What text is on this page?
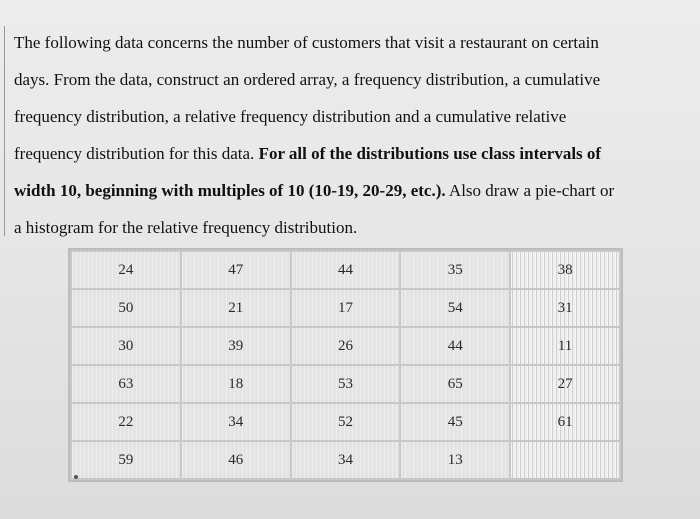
The following data concerns the number of customers that visit a restaurant on certain
days. From the data, construct an ordered array, a frequency distribution, a cumulative
frequency distribution, a relative frequency distribution and a cumulative relative
frequency distribution for this data. For all of the distributions use class intervals of
width 10, beginning with multiples of 10 (10-19, 20-29, etc.). Also draw a pie-chart or
a histogram for the relative frequency distribution.
24	47	44	35	38
50	21	17	54	31
30	39	26	44	11
63	18	53	65	27
22	34	52	45	61
59	46	34	13	
